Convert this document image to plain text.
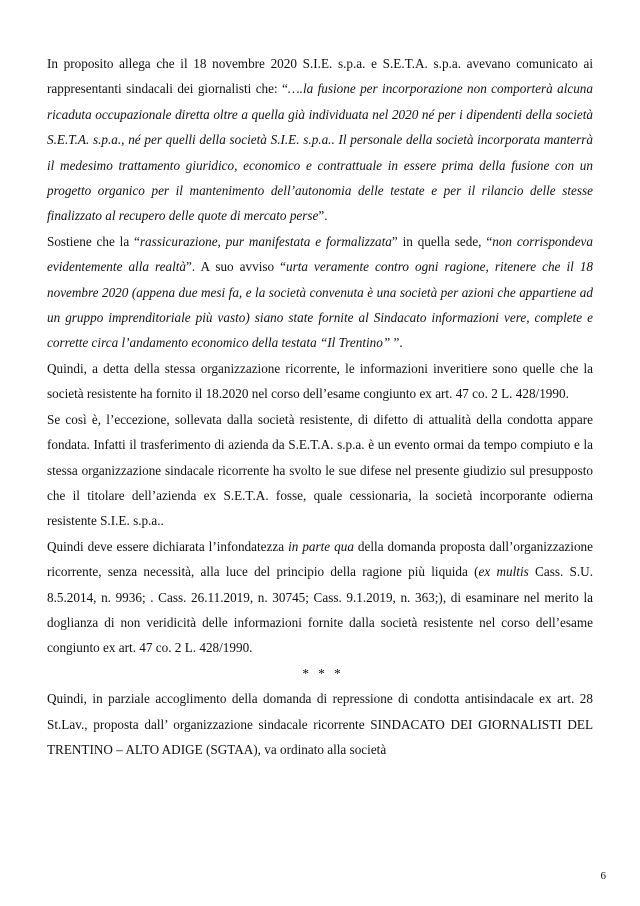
In proposito allega che il 18 novembre 2020 S.I.E. s.p.a. e S.E.T.A. s.p.a. avevano comunicato ai rappresentanti sindacali dei giornalisti che: “….la fusione per incorporazione non comporterà alcuna ricaduta occupazionale diretta oltre a quella già individuata nel 2020 né per i dipendenti della società S.E.T.A. s.p.a., né per quelli della società S.I.E. s.p.a.. Il personale della società incorporata manterrà il medesimo trattamento giuridico, economico e contrattuale in essere prima della fusione con un progetto organico per il mantenimento dell’autonomia delle testate e per il rilancio delle stesse finalizzato al recupero delle quote di mercato perse”.

Sostiene che la “rassicurazione, pur manifestata e formalizzata” in quella sede, “non corrispondeva evidentemente alla realtà”. A suo avviso “urta veramente contro ogni ragione, ritenere che il 18 novembre 2020 (appena due mesi fa, e la società convenuta è una società per azioni che appartiene ad un gruppo imprenditoriale più vasto) siano state fornite al Sindacato informazioni vere, complete e corrette circa l’andamento economico della testata “Il Trentino” ”.

Quindi, a detta della stessa organizzazione ricorrente, le informazioni inveritiere sono quelle che la società resistente ha fornito il 18.2020 nel corso dell’esame congiunto ex art. 47 co. 2 L. 428/1990.

Se così è, l’eccezione, sollevata dalla società resistente, di difetto di attualità della condotta appare fondata. Infatti il trasferimento di azienda da S.E.T.A. s.p.a. è un evento ormai da tempo compiuto e la stessa organizzazione sindacale ricorrente ha svolto le sue difese nel presente giudizio sul presupposto che il titolare dell’azienda ex S.E.T.A. fosse, quale cessionaria, la società incorporante odierna resistente S.I.E. s.p.a..

Quindi deve essere dichiarata l’infondatezza in parte qua della domanda proposta dall’organizzazione ricorrente, senza necessità, alla luce del principio della ragione più liquida (ex multis Cass. S.U. 8.5.2014, n. 9936; . Cass. 26.11.2019, n. 30745; Cass. 9.1.2019, n. 363;), di esaminare nel merito la doglianza di non veridicità delle informazioni fornite dalla società resistente nel corso dell’esame congiunto ex art. 47 co. 2 L. 428/1990.

* * *

Quindi, in parziale accoglimento della domanda di repressione di condotta antisindacale ex art. 28 St.Lav., proposta dall’ organizzazione sindacale ricorrente SINDACATO DEI GIORNALISTI DEL TRENTINO – ALTO ADIGE (SGTAA), va ordinato alla società

6
